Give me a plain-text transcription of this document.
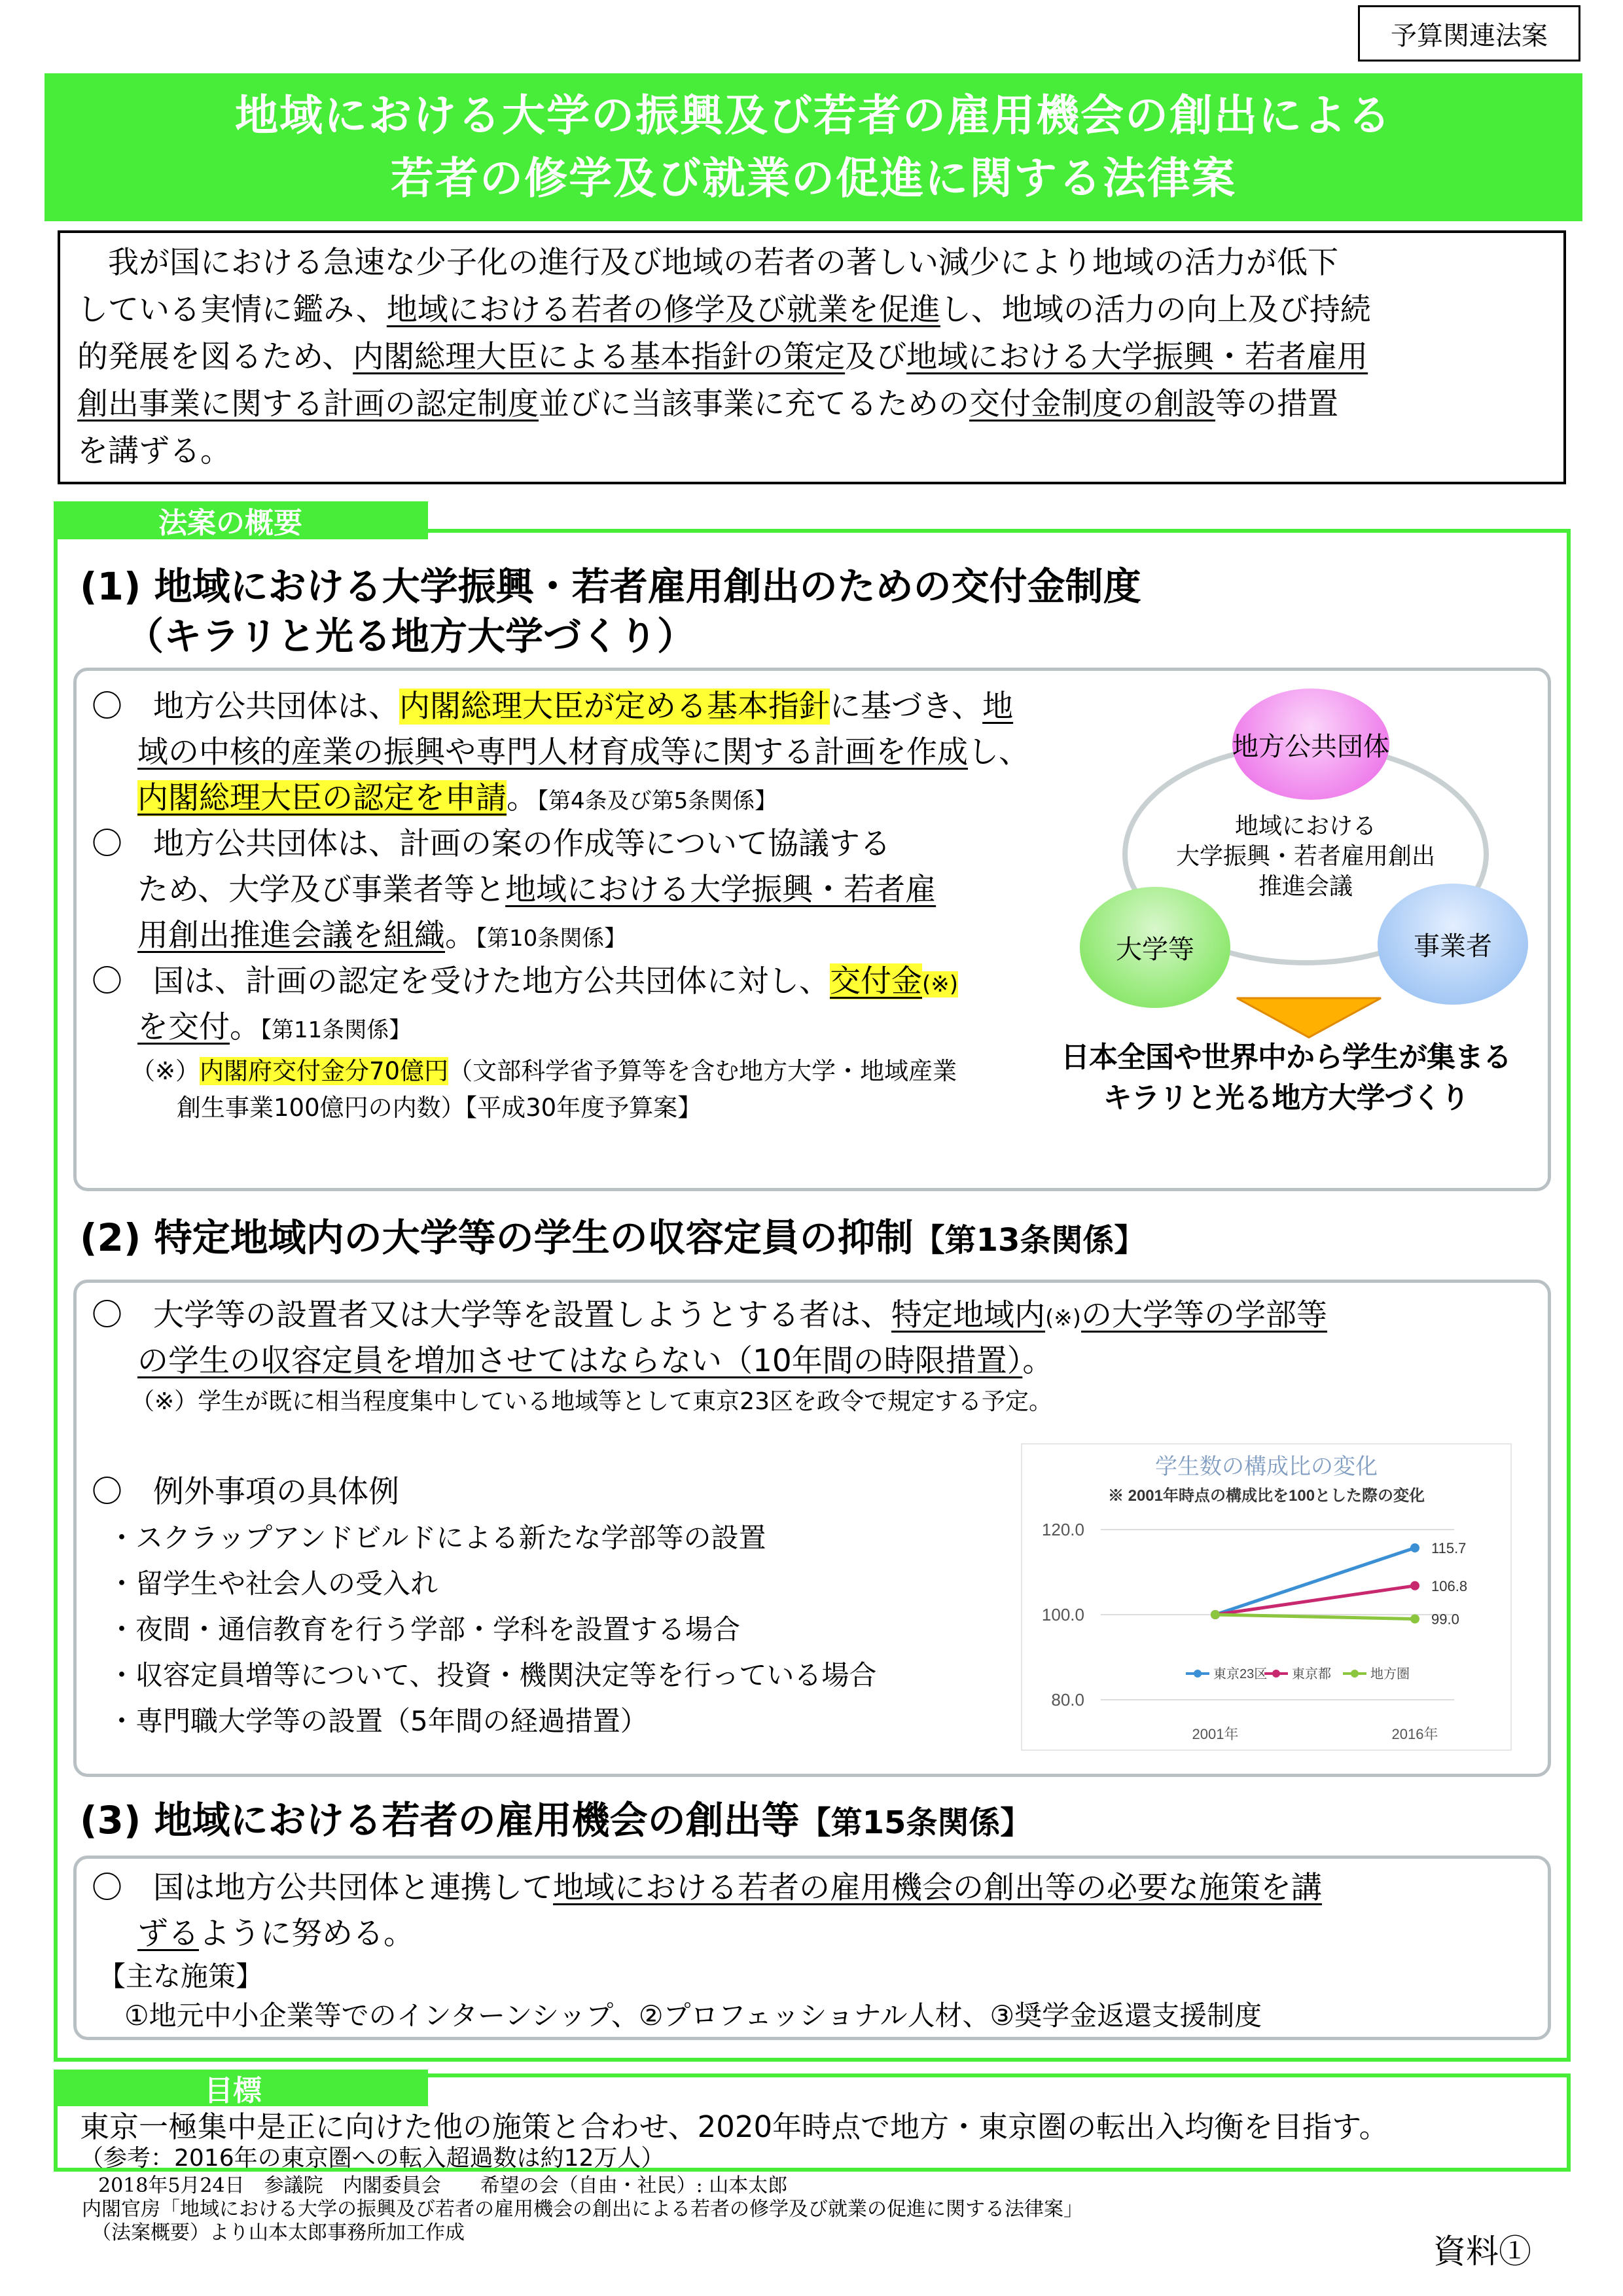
予算関連法案
地域における大学の振興及び若者の雇用機会の創出による
若者の修学及び就業の促進に関する法律案
　我が国における急速な少子化の進行及び地域の若者の著しい減少により地域の活力が低下
している実情に鑑み、地域における若者の修学及び就業を促進し、地域の活力の向上及び持続
的発展を図るため、内閣総理大臣による基本指針の策定及び地域における大学振興・若者雇用
創出事業に関する計画の認定制度並びに当該事業に充てるための交付金制度の創設等の措置
を講ずる。
法案の概要
(1) 地域における大学振興・若者雇用創出のための交付金制度
（キラリと光る地方大学づくり）
〇　地方公共団体は、内閣総理大臣が定める基本指針に基づき、地
域の中核的産業の振興や専門人材育成等に関する計画を作成し、
内閣総理大臣の認定を申請。【第4条及び第5条関係】
〇　地方公共団体は、計画の案の作成等について協議する
ため、大学及び事業者等と地域における大学振興・若者雇
用創出推進会議を組織。【第10条関係】
〇　国は、計画の認定を受けた地方公共団体に対し、交付金(※)
を交付。【第11条関係】
（※）内閣府交付金分70億円（文部科学省予算等を含む地方大学・地域産業
創生事業100億円の内数）【平成30年度予算案】
地方公共団体
地域における
大学振興・若者雇用創出
推進会議
大学等	事業者
日本全国や世界中から学生が集まる
キラリと光る地方大学づくり
(2) 特定地域内の大学等の学生の収容定員の抑制【第13条関係】
〇　大学等の設置者又は大学等を設置しようとする者は、特定地域内(※)の大学等の学部等
の学生の収容定員を増加させてはならない（10年間の時限措置）。
（※）学生が既に相当程度集中している地域等として東京23区を政令で規定する予定。
〇　例外事項の具体例
・スクラップアンドビルドによる新たな学部等の設置
・留学生や社会人の受入れ
・夜間・通信教育を行う学部・学科を設置する場合
・収容定員増等について、投資・機関決定等を行っている場合
・専門職大学等の設置（5年間の経過措置）
学生数の構成比の変化
※ 2001年時点の構成比を100とした際の変化
120.0
100.0
80.0
2001年	2016年
115.7
106.8
99.0
東京23区 東京都	地方圏
(3) 地域における若者の雇用機会の創出等【第15条関係】
〇　国は地方公共団体と連携して地域における若者の雇用機会の創出等の必要な施策を講
ずるように努める。
【主な施策】
①地元中小企業等でのインターンシップ、②プロフェッショナル人材、③奨学金返還支援制度
目標
東京一極集中是正に向けた他の施策と合わせ、2020年時点で地方・東京圏の転出入均衡を目指す。
（参考：2016年の東京圏への転入超過数は約12万人）
2018年5月24日　参議院　内閣委員会　　希望の会（自由・社民）: 山本太郎
内閣官房「地域における大学の振興及び若者の雇用機会の創出による若者の修学及び就業の促進に関する法律案」
（法案概要）より山本太郎事務所加工作成	資料①
